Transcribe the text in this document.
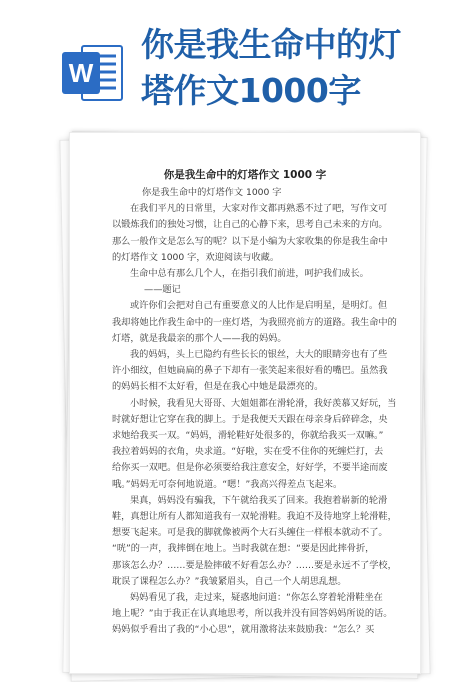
W
你是我生命中的灯
塔作文1000字
你是我生命中的灯塔作文 1000 字
你是我生命中的灯塔作文 1000 字
在我们平凡的日常里，大家对作文都再熟悉不过了吧，写作文可
以锻炼我们的独处习惯，让自己的心静下来，思考自己未来的方向。
那么一般作文是怎么写的呢？以下是小编为大家收集的你是我生命中
的灯塔作文 1000 字，欢迎阅读与收藏。
生命中总有那么几个人，在指引我们前进，呵护我们成长。
——题记
或许你们会把对自己有重要意义的人比作是启明星，是明灯。但
我却将她比作我生命中的一座灯塔，为我照亮前方的道路。我生命中的
灯塔，就是我最亲的那个人——我的妈妈。
我的妈妈，头上已隐约有些长长的银丝，大大的眼睛旁也有了些
许小细纹，但她扁扁的鼻子下却有一张笑起来很好看的嘴巴。虽然我
的妈妈长相不太好看，但是在我心中她是最漂亮的。
小时候，我看见大哥哥、大姐姐都在滑轮滑，我好羡慕又好玩，当
时就好想让它穿在我的脚上。于是我便天天跟在母亲身后碎碎念，央
求她给我买一双。“妈妈，滑轮鞋好处很多的，你就给我买一双嘛。”
我拉着妈妈的衣角，央求道。“好啦，实在受不住你的死缠烂打，去
给你买一双吧。但是你必须要给我注意安全，好好学，不要半途而废
哦。”妈妈无可奈何地说道。“嗯！”我高兴得差点飞起来。
果真，妈妈没有骗我，下午就给我买了回来。我抱着崭新的轮滑
鞋，真想让所有人都知道我有一双轮滑鞋。我迫不及待地穿上轮滑鞋，
想要飞起来。可是我的脚就像被两个大石头缠住一样根本就动不了。
“咣”的一声，我摔倒在地上。当时我就在想：“要是因此摔骨折，
那该怎么办？……要是脸摔破不好看怎么办？……要是永远不了学校，
耽误了课程怎么办？”我皱紧眉头，自己一个人胡思乱想。
妈妈看见了我，走过来，疑惑地问道：“你怎么穿着轮滑鞋坐在
地上呢？”由于我正在认真地思考，所以我并没有回答妈妈所说的话。
妈妈似乎看出了我的“小心思”，就用激将法来鼓励我：“怎么？买
